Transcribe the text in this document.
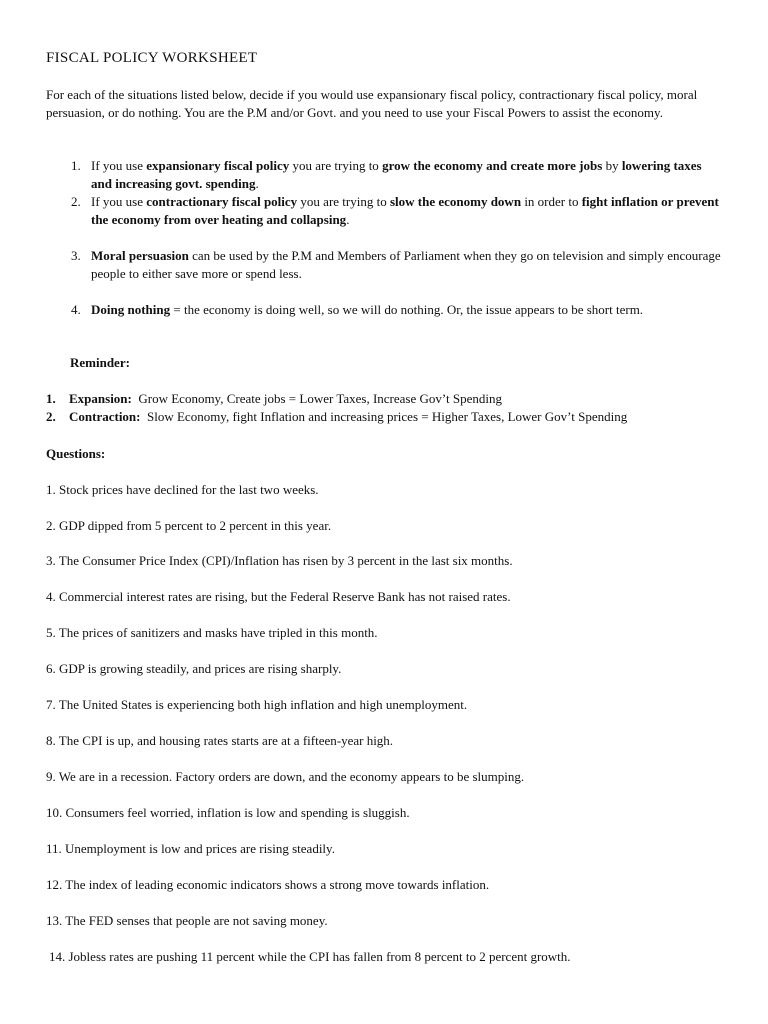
FISCAL POLICY WORKSHEET
For each of the situations listed below, decide if you would use expansionary fiscal policy, contractionary fiscal policy, moral persuasion, or do nothing. You are the P.M and/or Govt. and you need to use your Fiscal Powers to assist the economy.
1. If you use expansionary fiscal policy you are trying to grow the economy and create more jobs by lowering taxes and increasing govt. spending.
2. If you use contractionary fiscal policy you are trying to slow the economy down in order to fight inflation or prevent the economy from over heating and collapsing.
3. Moral persuasion can be used by the P.M and Members of Parliament when they go on television and simply encourage people to either save more or spend less.
4. Doing nothing = the economy is doing well, so we will do nothing. Or, the issue appears to be short term.
Reminder:
1. Expansion:  Grow Economy, Create jobs = Lower Taxes, Increase Gov’t Spending
2. Contraction:  Slow Economy, fight Inflation and increasing prices = Higher Taxes, Lower Gov’t Spending
Questions:
1. Stock prices have declined for the last two weeks.
2. GDP dipped from 5 percent to 2 percent in this year.
3. The Consumer Price Index (CPI)/Inflation has risen by 3 percent in the last six months.
4. Commercial interest rates are rising, but the Federal Reserve Bank has not raised rates.
5. The prices of sanitizers and masks have tripled in this month.
6. GDP is growing steadily, and prices are rising sharply.
7. The United States is experiencing both high inflation and high unemployment.
8. The CPI is up, and housing rates starts are at a fifteen-year high.
9. We are in a recession. Factory orders are down, and the economy appears to be slumping.
10. Consumers feel worried, inflation is low and spending is sluggish.
11. Unemployment is low and prices are rising steadily.
12. The index of leading economic indicators shows a strong move towards inflation.
13. The FED senses that people are not saving money.
14. Jobless rates are pushing 11 percent while the CPI has fallen from 8 percent to 2 percent growth.
